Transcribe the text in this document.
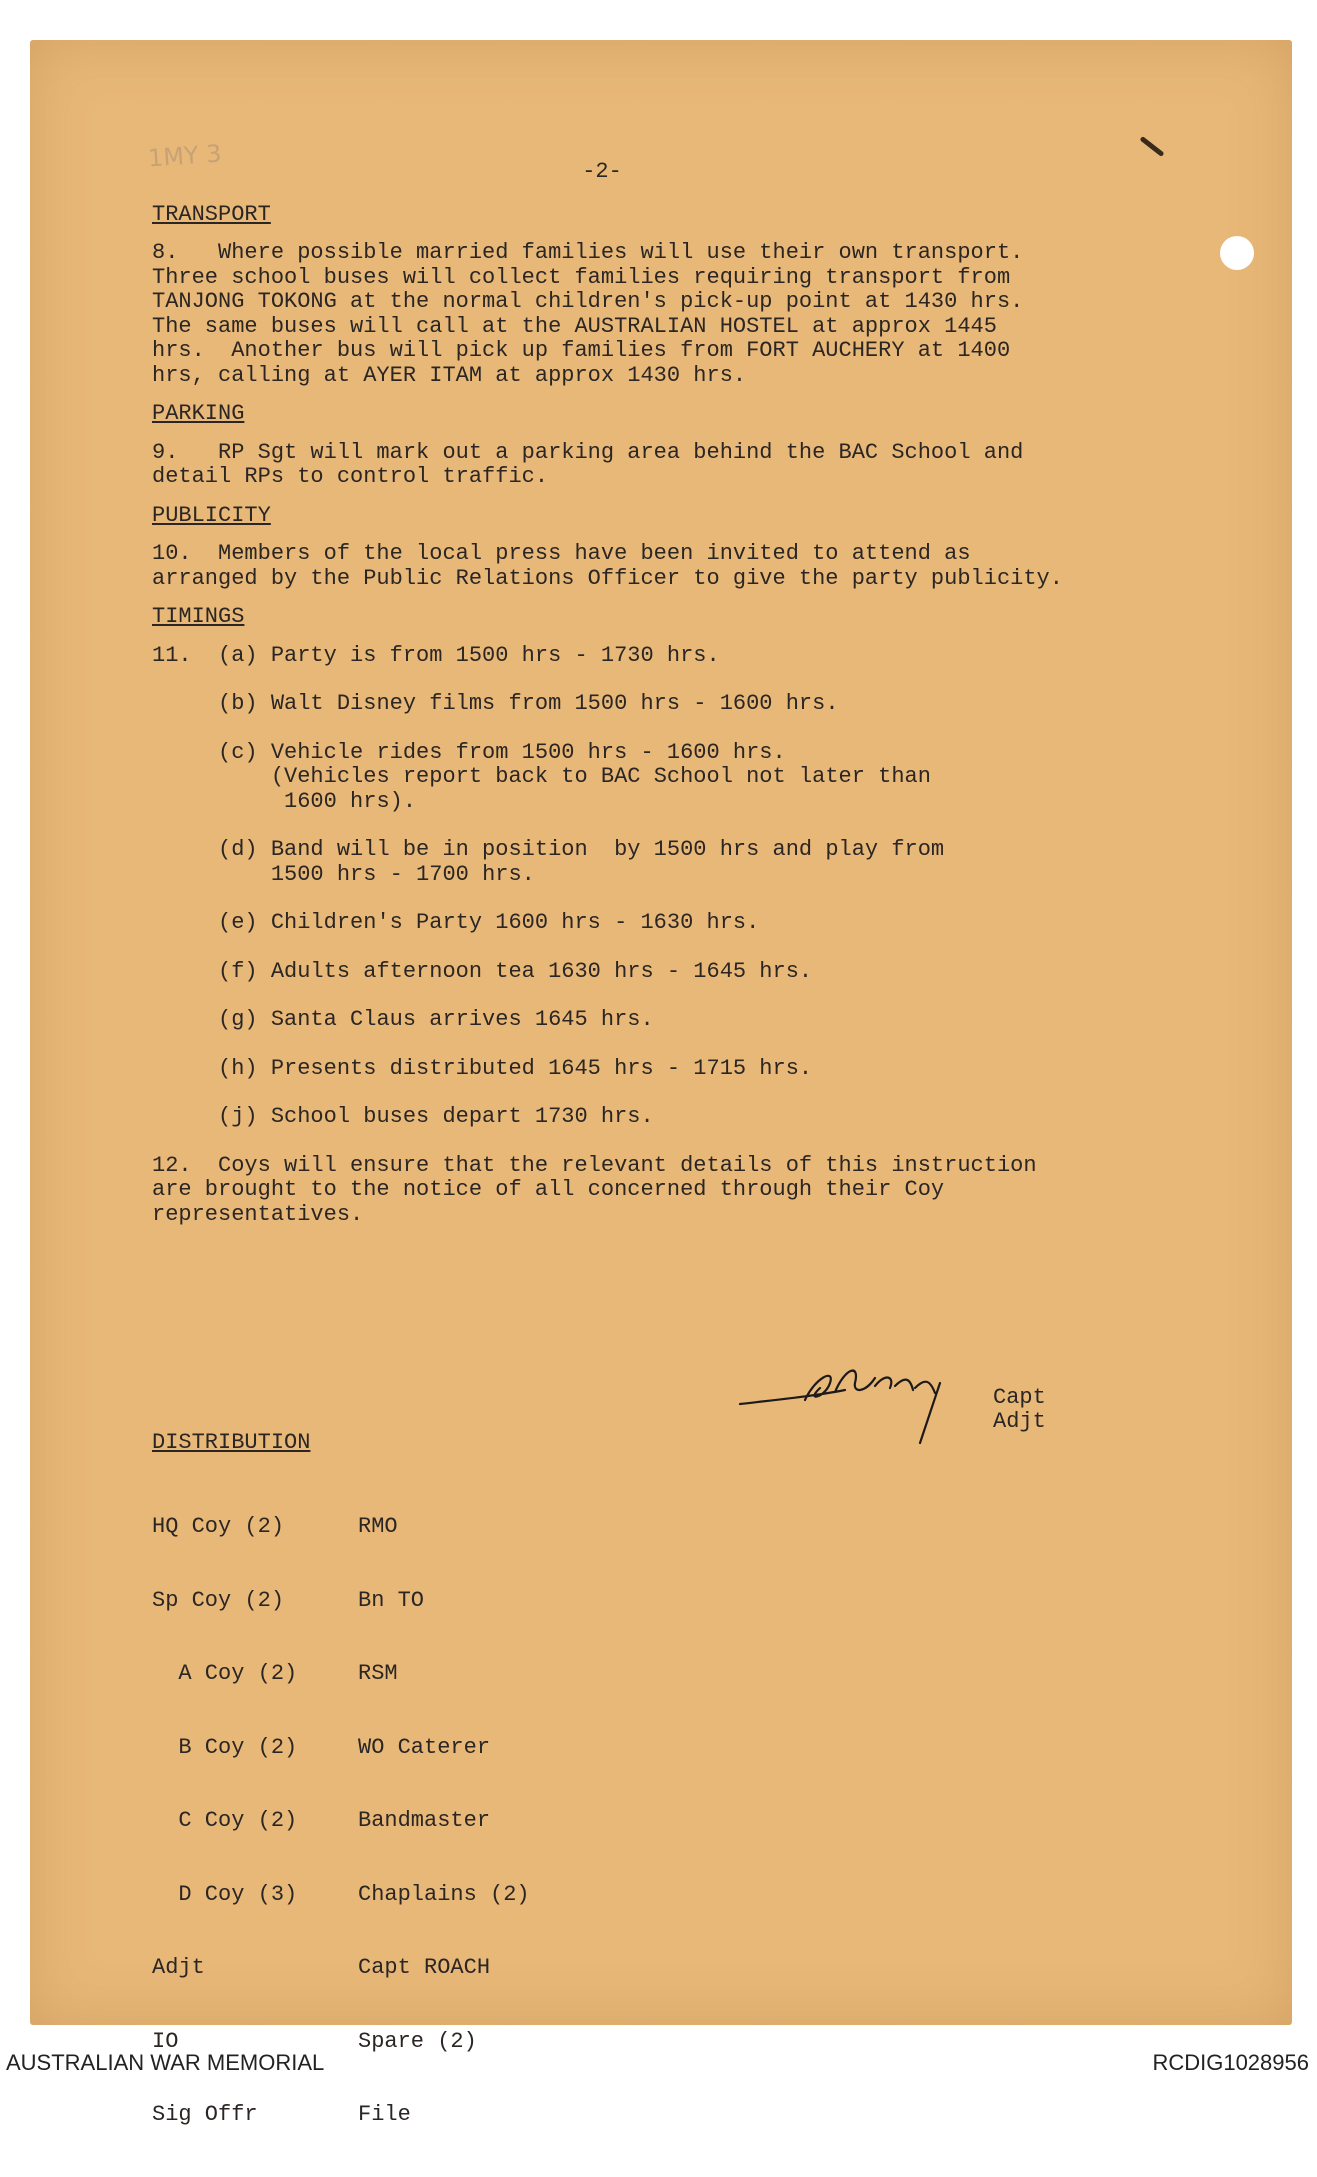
1MY 3	-2-
TRANSPORT
8.   Where possible married families will use their own transport.
Three school buses will collect families requiring transport from
TANJONG TOKONG at the normal children's pick-up point at 1430 hrs.
The same buses will call at the AUSTRALIAN HOSTEL at approx 1445
hrs.  Another bus will pick up families from FORT AUCHERY at 1400
hrs, calling at AYER ITAM at approx 1430 hrs.
PARKING
9.   RP Sgt will mark out a parking area behind the BAC School and
detail RPs to control traffic.
PUBLICITY
10.  Members of the local press have been invited to attend as
arranged by the Public Relations Officer to give the party publicity.
TIMINGS
11.  (a) Party is from 1500 hrs - 1730 hrs.
(b) Walt Disney films from 1500 hrs - 1600 hrs.
(c) Vehicle rides from 1500 hrs - 1600 hrs.
(Vehicles report back to BAC School not later than
1600 hrs).
(d) Band will be in position  by 1500 hrs and play from
1500 hrs - 1700 hrs.
(e) Children's Party 1600 hrs - 1630 hrs.
(f) Adults afternoon tea 1630 hrs - 1645 hrs.
(g) Santa Claus arrives 1645 hrs.
(h) Presents distributed 1645 hrs - 1715 hrs.
(j) School buses depart 1730 hrs.
12.  Coys will ensure that the relevant details of this instruction
are brought to the notice of all concerned through their Coy
representatives.
Capt
Adjt
DISTRIBUTION

HQ Coy (2)

Sp Coy (2)

A Coy (2)

B Coy (2)

C Coy (2)

D Coy (3)

Adjt

IO

Sig Offr

RMO

Bn TO

RSM

WO Caterer

Bandmaster

Chaplains (2)

Capt ROACH

Spare (2)

File

AUSTRALIAN WAR MEMORIAL	RCDIG1028956
